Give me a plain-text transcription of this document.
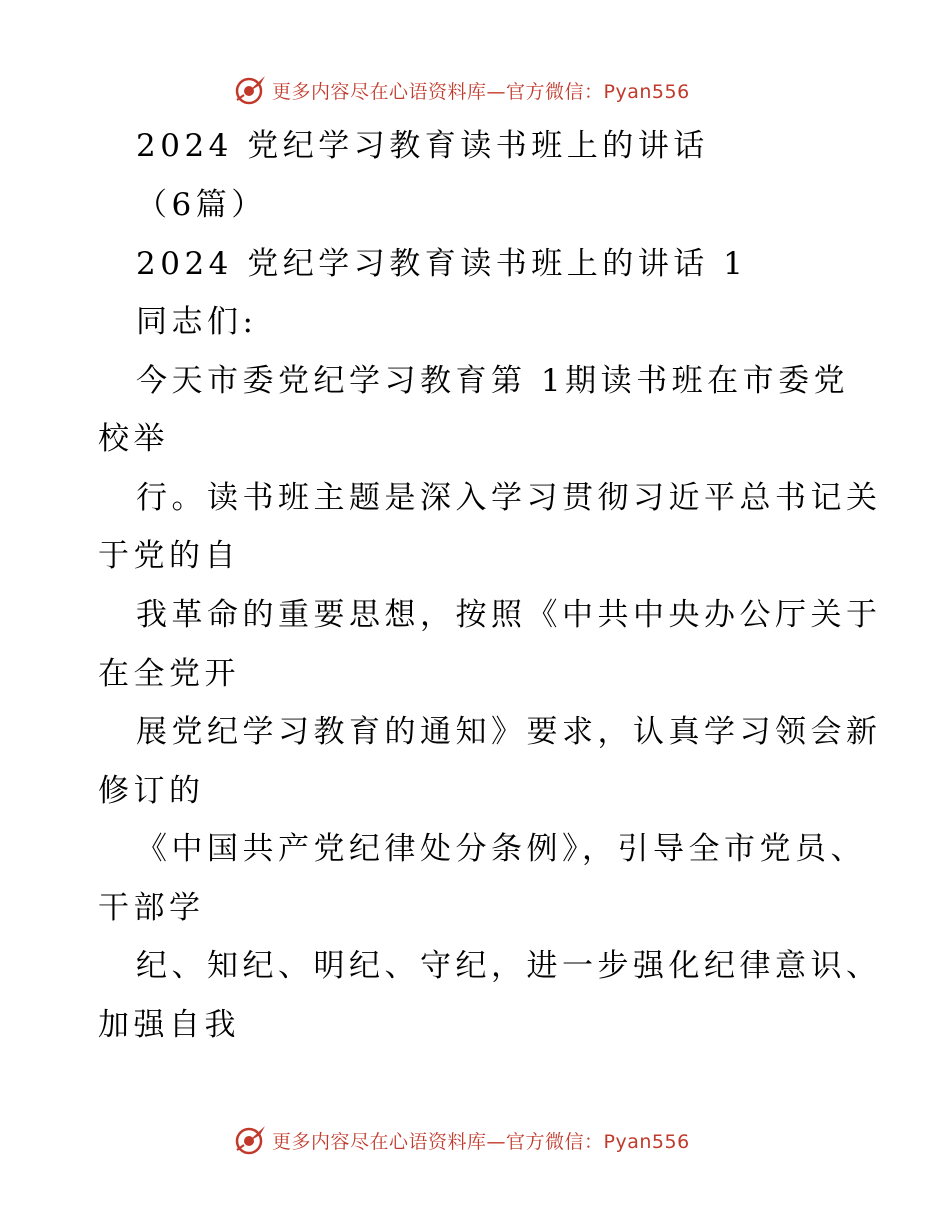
更多内容尽在心语资料库—官方微信：Pyan556
2024 党纪学习教育读书班上的讲话
（6篇）
2024 党纪学习教育读书班上的讲话 1
同志们:
今天市委党纪学习教育第 1期读书班在市委党
校举
行。读书班主题是深入学习贯彻习近平总书记关
于党的自
我革命的重要思想，按照《中共中央办公厅关于
在全党开
展党纪学习教育的通知》要求，认真学习领会新
修订的
《中国共产党纪律处分条例》，引导全市党员、
干部学
纪、知纪、明纪、守纪，进一步强化纪律意识、
加强自我
更多内容尽在心语资料库—官方微信：Pyan556
